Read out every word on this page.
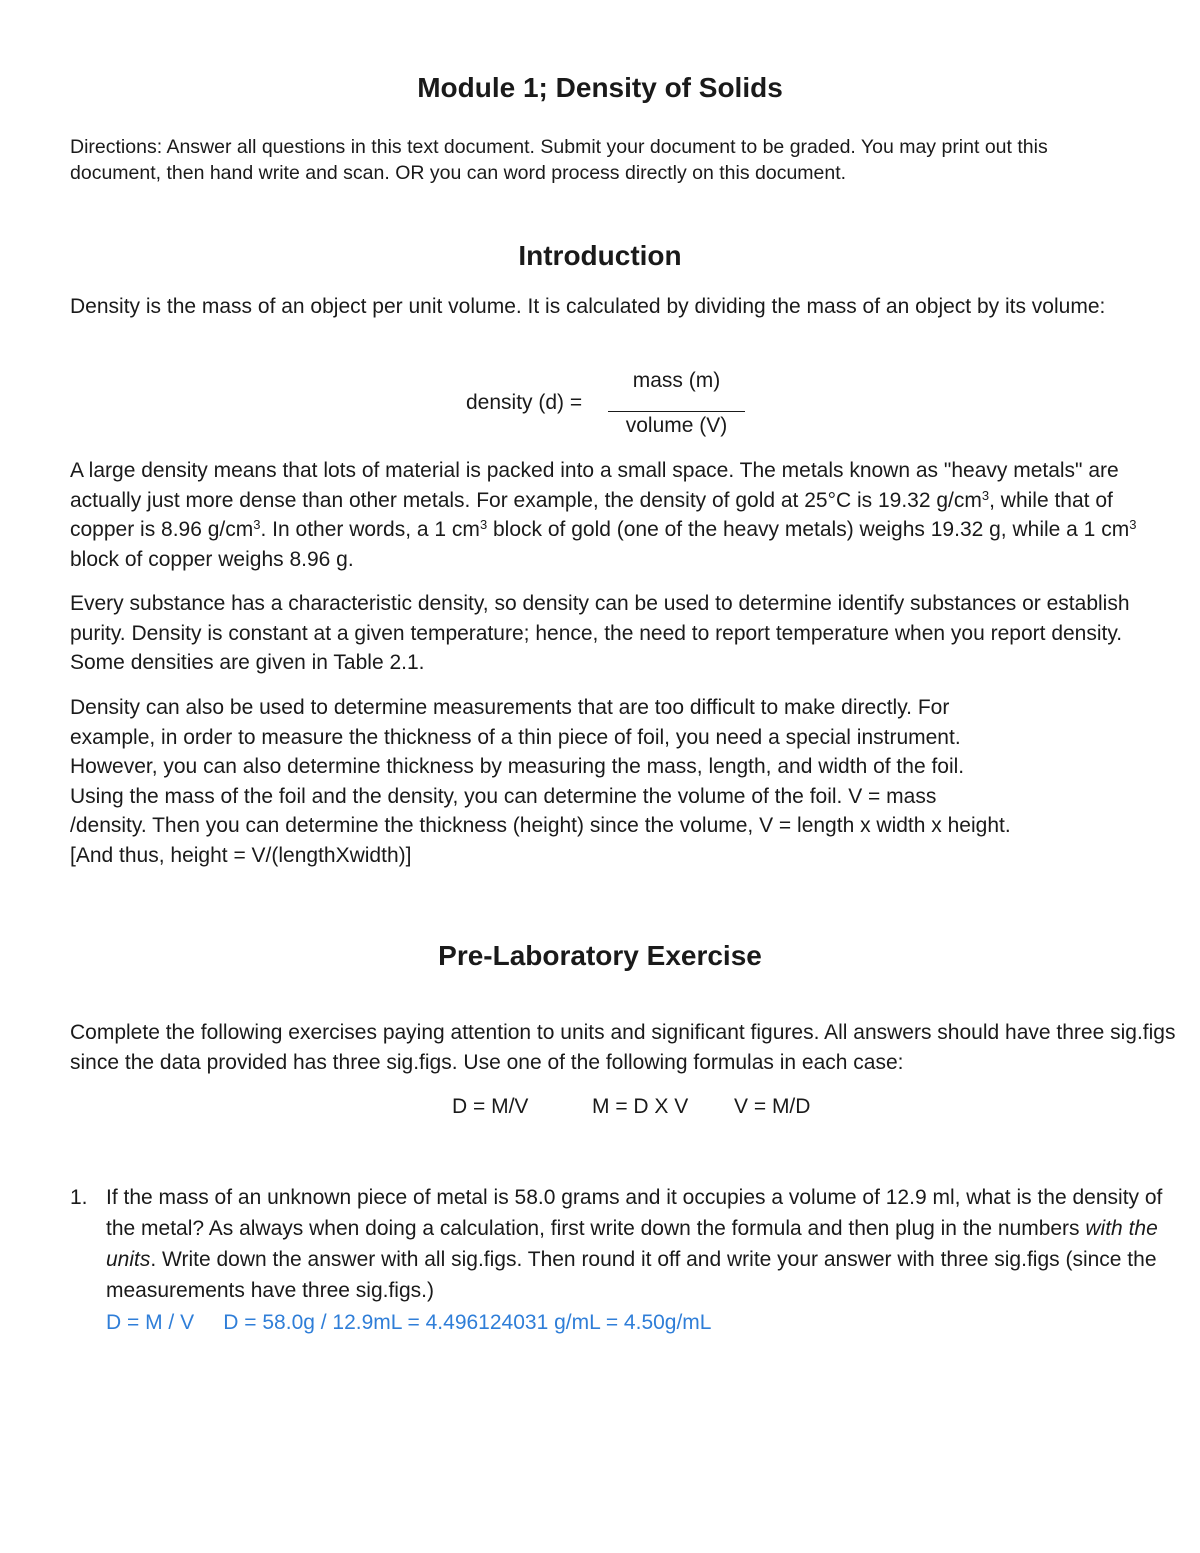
Module 1; Density of Solids

Directions: Answer all questions in this text document. Submit your document to be graded. You may print out this document, then hand write and scan. OR you can word process directly on this document.

Introduction

Density is the mass of an object per unit volume. It is calculated by dividing the mass of an object by its volume:

density (d) =
mass (m)
volume (V)

A large density means that lots of material is packed into a small space. The metals known as "heavy metals" are actually just more dense than other metals. For example, the density of gold at 25°C is 19.32 $g/cm^3$, while that of copper is 8.96 $g/cm^3$. In other words, a 1 $cm^3$ block of gold (one of the heavy metals) weighs 19.32 g, while a 1 $cm^3$ block of copper weighs 8.96 g.

Every substance has a characteristic density, so density can be used to determine identify substances or establish purity. Density is constant at a given temperature; hence, the need to report temperature when you report density. Some densities are given in Table 2.1.

Density can also be used to determine measurements that are too difficult to make directly. For
example, in order to measure the thickness of a thin piece of foil, you need a special instrument.
However, you can also determine thickness by measuring the mass, length, and width of the foil.
Using the mass of the foil and the density, you can determine the volume of the foil. V = mass
/density. Then you can determine the thickness (height) since the volume, V = length x width x height.
[And thus, height = V/(lengthXwidth)]

Pre-Laboratory Exercise

Complete the following exercises paying attention to units and significant figures. All answers should have three sig.figs since the data provided has three sig.figs. Use one of the following formulas in each case:

D = M/V	M = D X V V = M/D
1. If the mass of an unknown piece of metal is 58.0 grams and it occupies a volume of 12.9 ml, what is the density of the metal? As always when doing a calculation, first write down the formula and then plug in the numbers with the units. Write down the answer with all sig.figs. Then round it off and write your answer with three sig.figs (since the measurements have three sig.figs.)

D = M / V     D = 58.0g / 12.9mL = 4.496124031 g/mL = 4.50g/mL
